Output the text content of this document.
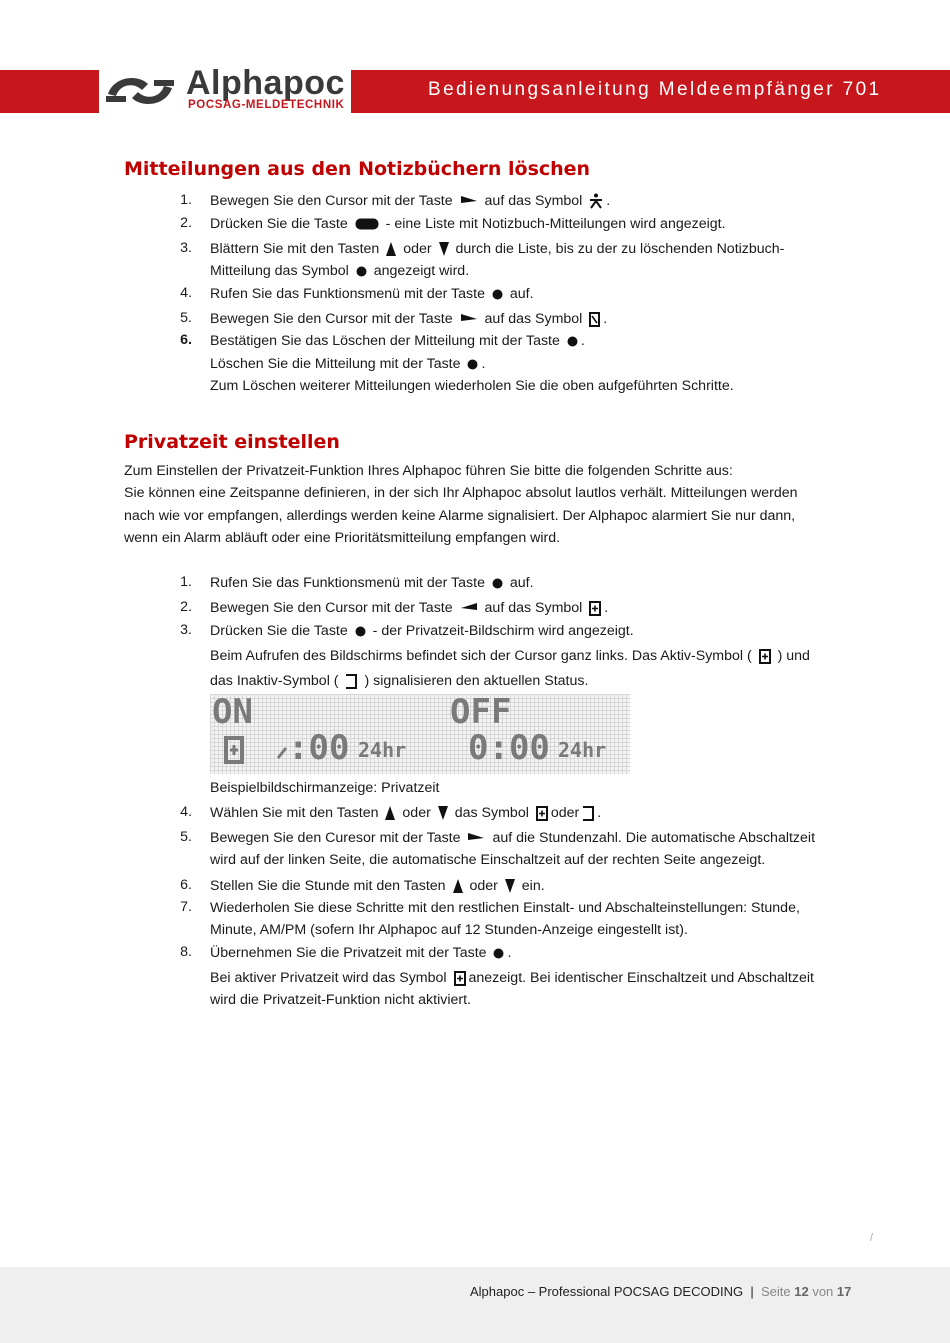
Alphapoc
POCSAG-MELDETECHNIK
Bedienungsanleitung Meldeempfänger 701
Mitteilungen aus den Notizbüchern löschen
1. Bewegen Sie den Cursor mit der Taste auf das Symbol .
2. Drücken Sie die Taste	- eine Liste mit Notizbuch-Mitteilungen wird angezeigt.
3. Blättern Sie mit den Tasten oder durch die Liste, bis zu der zu löschenden Notizbuch-
Mitteilung das Symbol angezeigt wird.
4. Rufen Sie das Funktionsmenü mit der Taste auf.
5. Bewegen Sie den Cursor mit der Taste auf das Symbol .
6. Bestätigen Sie das Löschen der Mitteilung mit der Taste .
Löschen Sie die Mitteilung mit der Taste .
Zum Löschen weiterer Mitteilungen wiederholen Sie die oben aufgeführten Schritte.
Privatzeit einstellen
Zum Einstellen der Privatzeit-Funktion Ihres Alphapoc führen Sie bitte die folgenden Schritte aus:
Sie können eine Zeitspanne definieren, in der sich Ihr Alphapoc absolut lautlos verhält. Mitteilungen werden
nach wie vor empfangen, allerdings werden keine Alarme signalisiert. Der Alphapoc alarmiert Sie nur dann,
wenn ein Alarm abläuft oder eine Prioritätsmitteilung empfangen wird.
1. Rufen Sie das Funktionsmenü mit der Taste auf.
2. Bewegen Sie den Cursor mit der Taste auf das Symbol .
3. Drücken Sie die Taste - der Privatzeit-Bildschirm wird angezeigt.
Beim Aufrufen des Bildschirms befindet sich der Cursor ganz links. Das Aktiv-Symbol ( ) und
das Inaktiv-Symbol ( ) signalisieren den aktuellen Status.
ON	OFF
:00 24hr 0:00 24hr
Beispielbildschirmanzeige: Privatzeit
4. Wählen Sie mit den Tasten oder das Symbol oder .
5. Bewegen Sie den Curesor mit der Taste auf die Stundenzahl. Die automatische Abschaltzeit
wird auf der linken Seite, die automatische Einschaltzeit auf der rechten Seite angezeigt.
6. Stellen Sie die Stunde mit den Tasten oder ein.
7. Wiederholen Sie diese Schritte mit den restlichen Einstalt- und Abschalteinstellungen: Stunde,
Minute, AM/PM (sofern Ihr Alphapoc auf 12 Stunden-Anzeige eingestellt ist).
8. Übernehmen Sie die Privatzeit mit der Taste .
Bei aktiver Privatzeit wird das Symbol anezeigt. Bei identischer Einschaltzeit und Abschaltzeit
wird die Privatzeit-Funktion nicht aktiviert.
/
Alphapoc – Professional POCSAG DECODING | Seite 12 von 17
